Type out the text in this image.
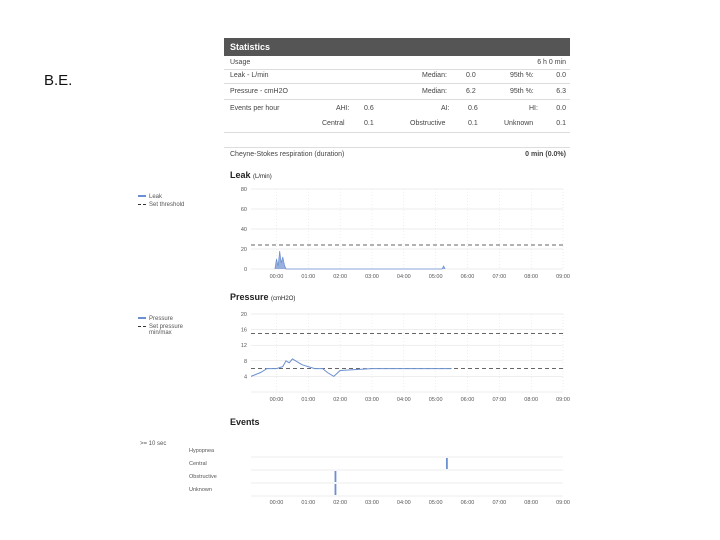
B.E.
Statistics
Usage	6 h 0 min
Leak - L/min	Median:	0.0	95th %:	0.0
Pressure - cmH2O	Median:	6.2	95th %:	6.3
Events per hour	AHI: 0.6	AI:	0.6	HI:	0.0
Central	0.1	Obstructive	0.1	Unknown	0.1
Cheyne-Stokes respiration (duration)	0 min (0.0%)
Leak (L/min)
Leak
Set threshold
0
20
40
60
80
00:00	01:00	02:00	03:00	04:00	05:00	06:00	07:00	08:00	09:00
Pressure (cmH2O)
Pressure
Set pressure
min/max
4
8
12
16
20
00:00	01:00	02:00	03:00	04:00	05:00	06:00	07:00	08:00	09:00
Events
>= 10 sec
Hypopnea
Central
Obstructive
Unknown
00:00	01:00	02:00	03:00	04:00	05:00	06:00	07:00	08:00	09:00
